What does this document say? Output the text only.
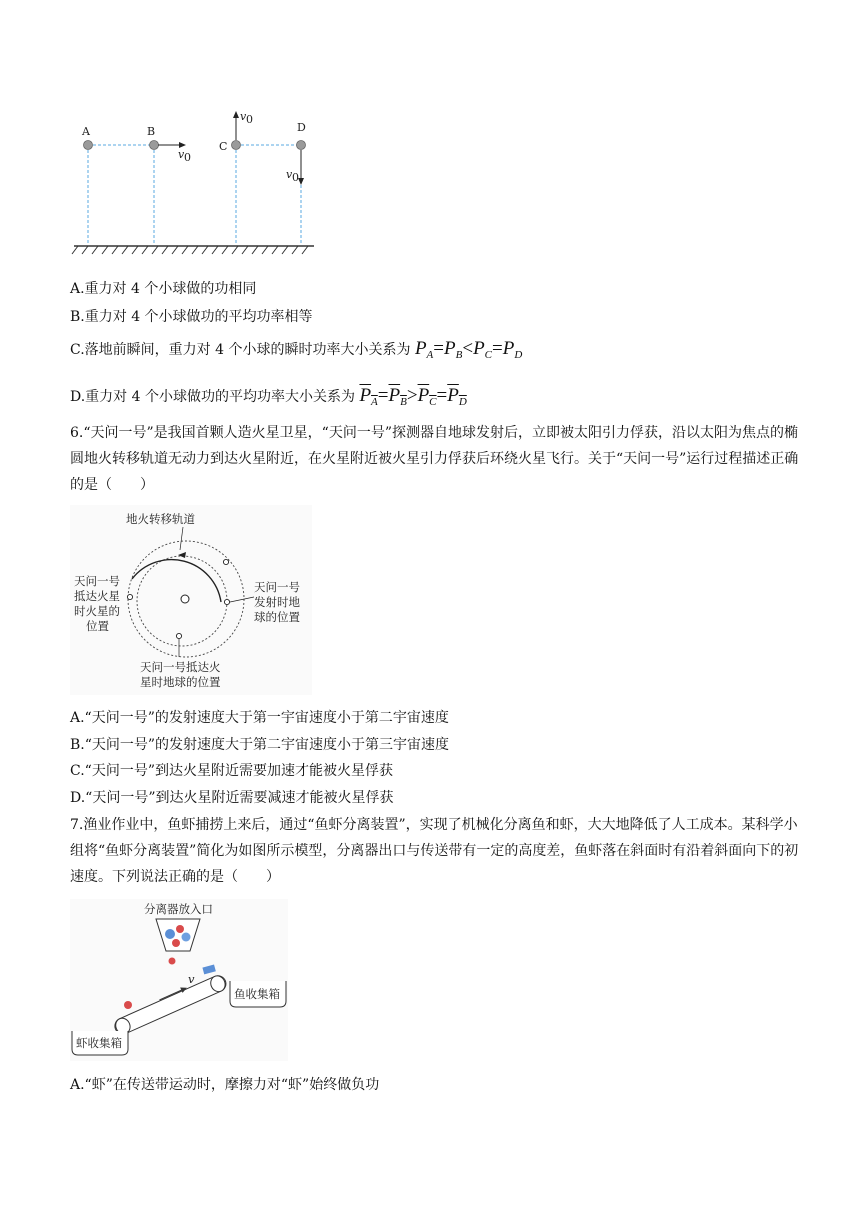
A	B
C
D
v 0
v 0
v 0
A.重力对 4 个小球做的功相同
B.重力对 4 个小球做功的平均功率相等
C.落地前瞬间，重力对 4 个小球的瞬时功率大小关系为 $P_A=P_B<P_C=P_D$
D.重力对 4 个小球做功的平均功率大小关系为 $P_A=P_B>P_C=P_D$
6.“天问一号”是我国首颗人造火星卫星，“天问一号”探测器自地球发射后，立即被太阳引力俘获，沿以太阳为焦点的椭圆地火转移轨道无动力到达火星附近，在火星附近被火星引力俘获后环绕火星飞行。关于“天问一号”运行过程描述正确的是（　　）
地火转移轨道
天问一号
抵达火星
时火星的
位置
天问一号
发射时地
球的位置
天问一号抵达火
星时地球的位置
A.“天问一号”的发射速度大于第一宇宙速度小于第二宇宙速度
B.“天问一号”的发射速度大于第二宇宙速度小于第三宇宙速度
C.“天问一号”到达火星附近需要加速才能被火星俘获
D.“天问一号”到达火星附近需要减速才能被火星俘获
7.渔业作业中，鱼虾捕捞上来后，通过“鱼虾分离装置”，实现了机械化分离鱼和虾，大大地降低了人工成本。某科学小组将“鱼虾分离装置”简化为如图所示模型，分离器出口与传送带有一定的高度差，鱼虾落在斜面时有沿着斜面向下的初速度。下列说法正确的是（　　）
分离器放入口
v
鱼收集箱
虾收集箱
A.“虾”在传送带运动时，摩擦力对“虾”始终做负功
